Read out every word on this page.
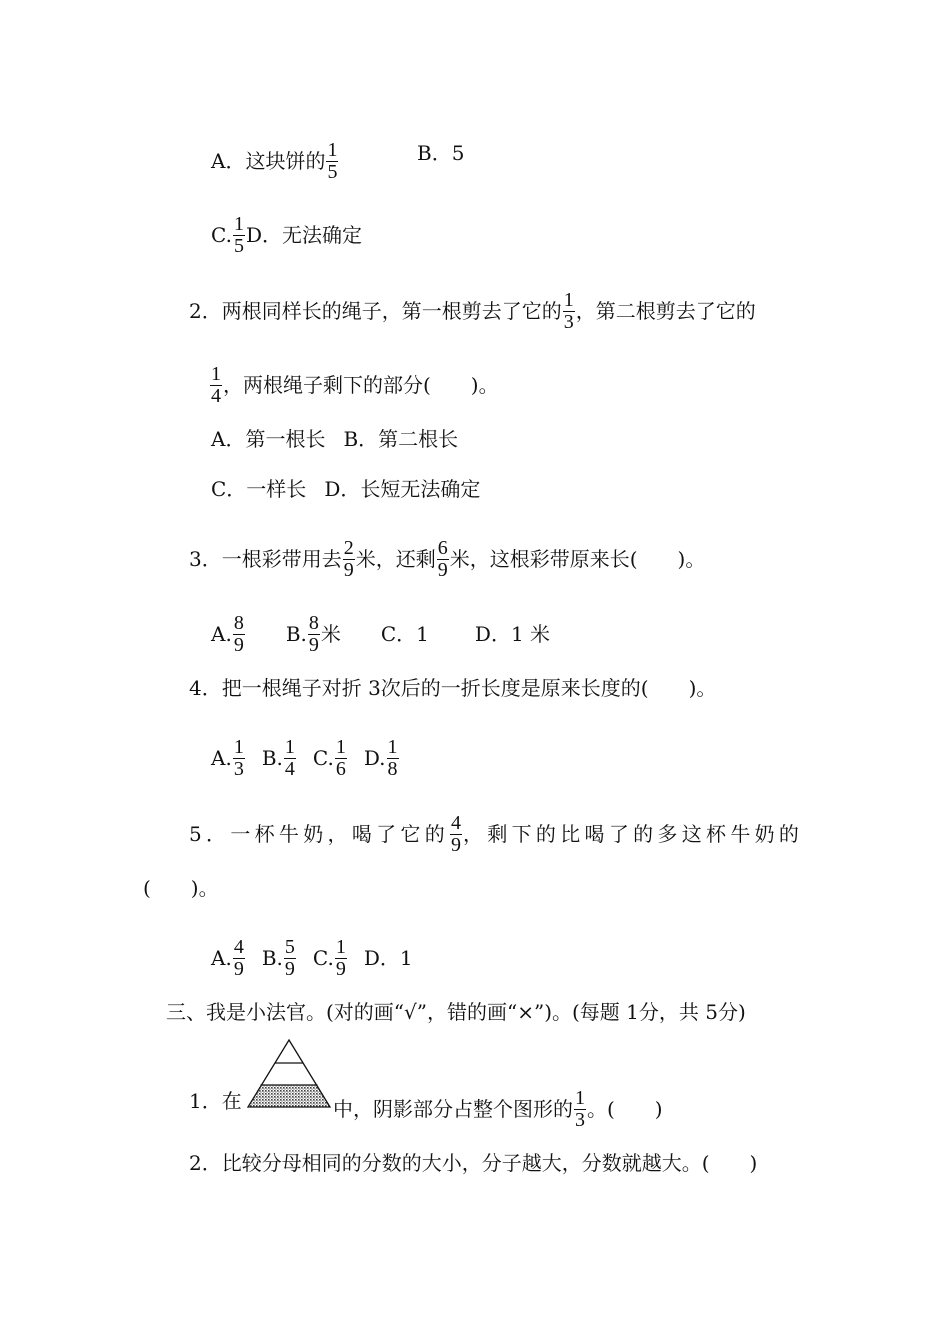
A．这块饼的 $\frac{1}{5}$	B．5
C. $\frac{1}{5}$ D．无法确定
2．两根同样长的绳子，第一根剪去了它的 $\frac{1}{3}$ ，第二根剪去了它的
$\frac{1}{4}$ ，两根绳子剩下的部分(　　)。
A．第一根长 B．第二根长
C．一样长 D．长短无法确定
3．一根彩带用去 $\frac{2}{9}$ 米，还剩 $\frac{6}{9}$ 米，这根彩带原来长(　　)。
A. $\frac{8}{9} B$. $\frac{8}{9}$ 米 C．1 D．1 米
4．把一根绳子对折 3次后的一折长度是原来长度的(　　)。
A. $\frac{1}{3} B$. $\frac{1}{4} C$. $\frac{1}{6} D$. $\frac{1}{8}$
5．一杯牛奶，喝了它的 $\frac{4}{9}$ ，剩下的比喝了的多这杯牛奶的
(　　)。
A. $\frac{4}{9} B$. $\frac{5}{9} C$. $\frac{1}{9}$ D．1
三、我是小法官。(对的画“√”，错的画“×”)。(每题 1分，共 5分)
1．在	中，阴影部分占整个图形的 $\frac{1}{3}$ 。(　　)
2．比较分母相同的分数的大小，分子越大，分数就越大。(　　)
